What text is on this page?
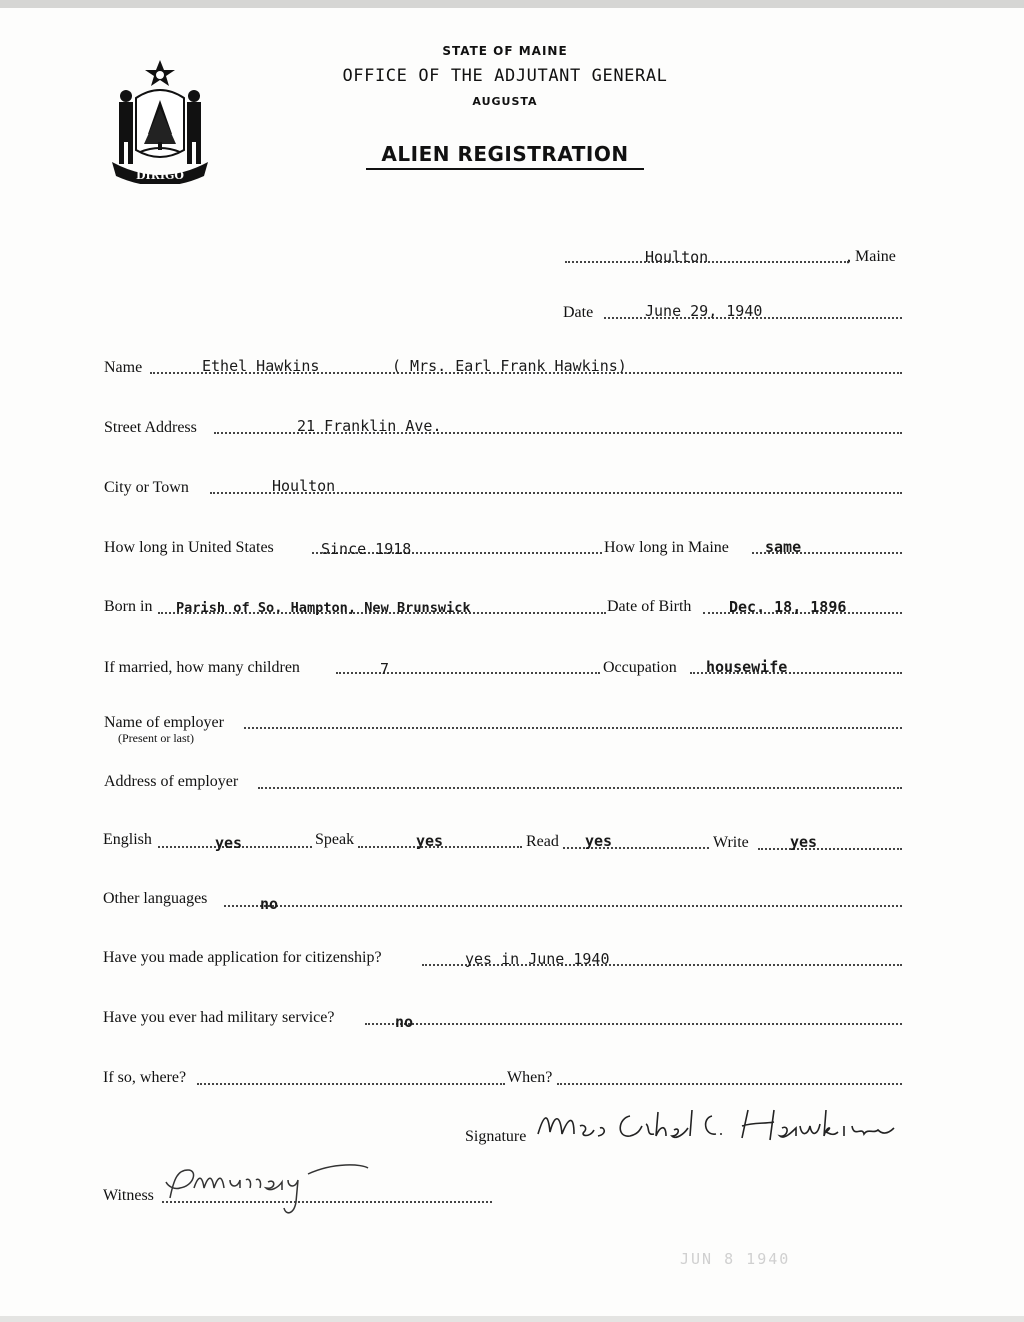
DIRIGO
STATE OF MAINE
OFFICE OF THE ADJUTANT GENERAL
AUGUSTA
ALIEN REGISTRATION
Houlton	, Maine
Date	June 29, 1940
Name	Ethel Hawkins	( Mrs. Earl Frank Hawkins)
Street Address	21 Franklin Ave.
City or Town	Houlton
How long in United States	Since 1918	How long in Maine same
Born in Parish of So. Hampton, New Brunswick	Date of Birth	Dec. 18, 1896
If married, how many children	7	Occupation housewife
Name of employer
(Present or last)
Address of employer
English	yes	Speak	yes	Read yes	Write	yes
Other languages	no
Have you made application for citizenship?	yes in June 1940
Have you ever had military service?	no
If so, where?	When?
Signature
Mrs Ethel E. Hawkins
Witness
P. Murray
JUN 8 1940
